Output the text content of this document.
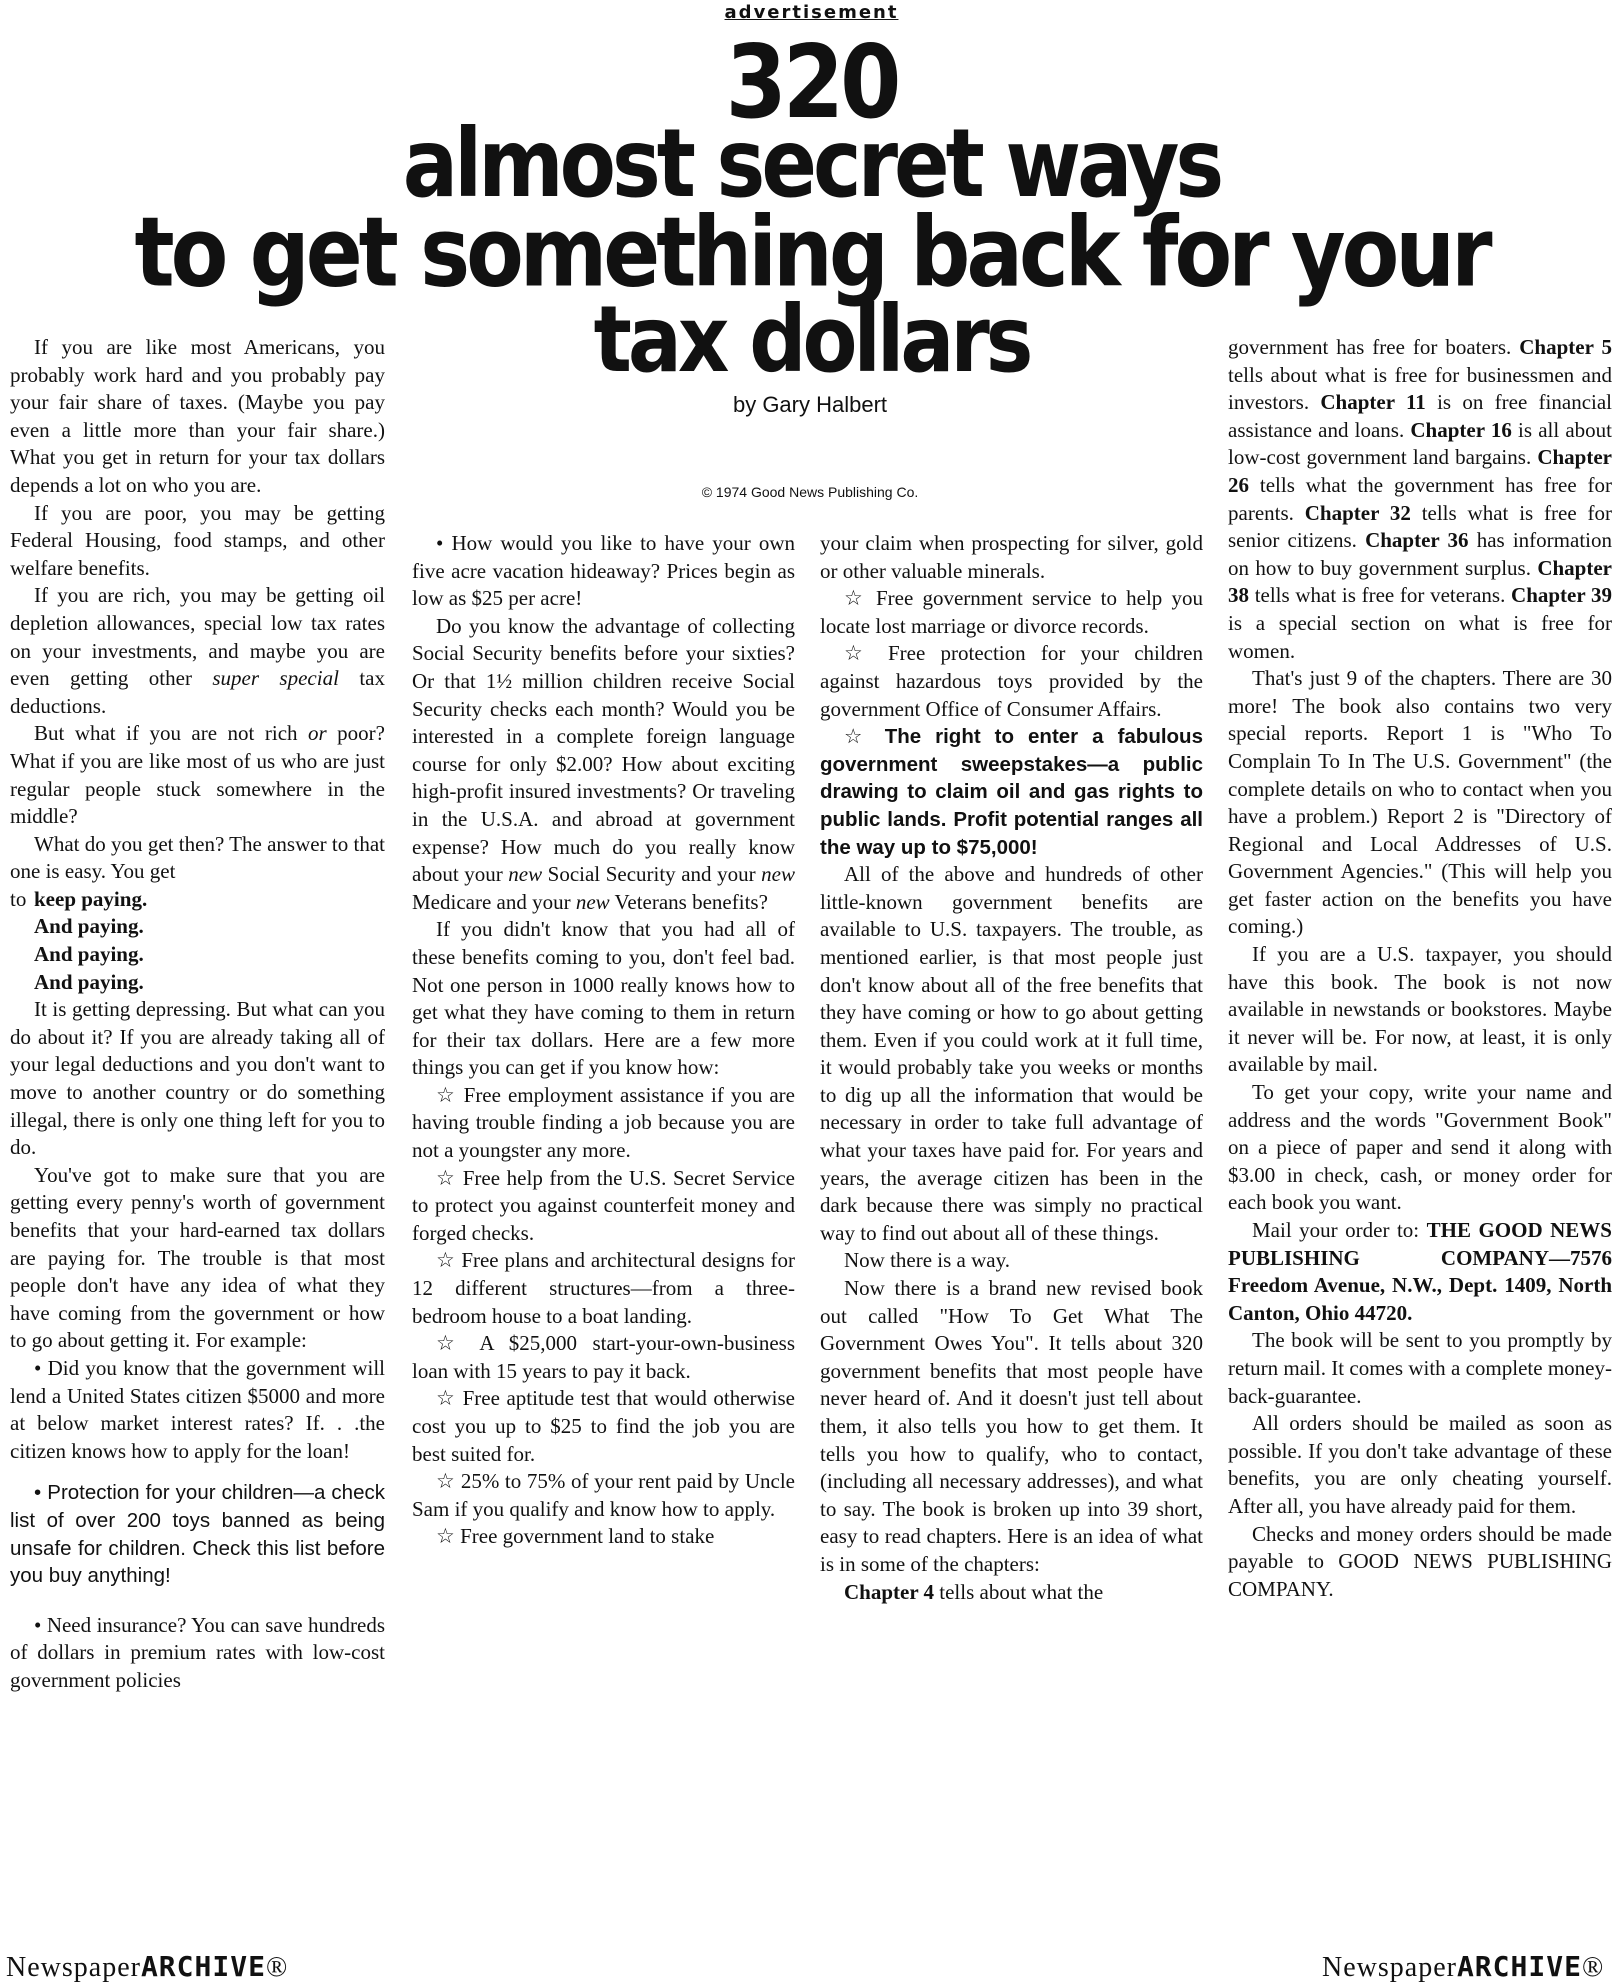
advertisement
320
almost secret ways
to get something back for your
tax dollars
by Gary Halbert
© 1974 Good News Publishing Co.

If you are like most Americans, you probably work hard and you probably pay your fair share of taxes. (Maybe you pay even a little more than your fair share.) What you get in return for your tax dollars depends a lot on who you are.

If you are poor, you may be getting Federal Housing, food stamps, and other welfare benefits.

If you are rich, you may be getting oil depletion allowances, special low tax rates on your investments, and maybe you are even getting other super special tax deductions.

But what if you are not rich or poor? What if you are like most of us who are just regular people stuck somewhere in the middle?

What do you get then? The answer to that one is easy. You get

to keep paying.

And paying.

And paying.

And paying.

It is getting depressing. But what can you do about it? If you are already taking all of your legal deductions and you don't want to move to another country or do something illegal, there is only one thing left for you to do.

You've got to make sure that you are getting every penny's worth of government benefits that your hard-earned tax dollars are paying for. The trouble is that most people don't have any idea of what they have coming from the government or how to go about getting it. For example:

• Did you know that the government will lend a United States citizen $5000 and more at below market interest rates? If. . .the citizen knows how to apply for the loan!

• Protection for your children—a check list of over 200 toys banned as being unsafe for children. Check this list before you buy anything!

• Need insurance? You can save hundreds of dollars in premium rates with low-cost government policies

• How would you like to have your own five acre vacation hideaway? Prices begin as low as $25 per acre!

Do you know the advantage of collecting Social Security benefits before your sixties? Or that 1½ million children receive Social Security checks each month? Would you be interested in a complete foreign language course for only $2.00? How about exciting high-profit insured investments? Or traveling in the U.S.A. and abroad at government expense? How much do you really know about your new Social Security and your new Medicare and your new Veterans benefits?

If you didn't know that you had all of these benefits coming to you, don't feel bad. Not one person in 1000 really knows how to get what they have coming to them in return for their tax dollars. Here are a few more things you can get if you know how:

☆ Free employment assistance if you are having trouble finding a job because you are not a youngster any more.

☆ Free help from the U.S. Secret Service to protect you against counterfeit money and forged checks.

☆ Free plans and architectural designs for 12 different structures—from a three-bedroom house to a boat landing.

☆ A $25,000 start-your-own-business loan with 15 years to pay it back.

☆ Free aptitude test that would otherwise cost you up to $25 to find the job you are best suited for.

☆ 25% to 75% of your rent paid by Uncle Sam if you qualify and know how to apply.

☆ Free government land to stake

your claim when prospecting for silver, gold or other valuable minerals.

☆ Free government service to help you locate lost marriage or divorce records.

☆ Free protection for your children against hazardous toys provided by the government Office of Consumer Affairs.

☆ The right to enter a fabulous government sweepstakes—a public drawing to claim oil and gas rights to public lands. Profit potential ranges all the way up to $75,000!

All of the above and hundreds of other little-known government benefits are available to U.S. taxpayers. The trouble, as mentioned earlier, is that most people just don't know about all of the free benefits that they have coming or how to go about getting them. Even if you could work at it full time, it would probably take you weeks or months to dig up all the information that would be necessary in order to take full advantage of what your taxes have paid for. For years and years, the average citizen has been in the dark because there was simply no practical way to find out about all of these things.

Now there is a way.

Now there is a brand new revised book out called "How To Get What The Government Owes You". It tells about 320 government benefits that most people have never heard of. And it doesn't just tell about them, it also tells you how to get them. It tells you how to qualify, who to contact, (including all necessary addresses), and what to say. The book is broken up into 39 short, easy to read chapters. Here is an idea of what is in some of the chapters:

Chapter 4 tells about what the

government has free for boaters. Chapter 5 tells about what is free for businessmen and investors. Chapter 11 is on free financial assistance and loans. Chapter 16 is all about low-cost government land bargains. Chapter 26 tells what the government has free for parents. Chapter 32 tells what is free for senior citizens. Chapter 36 has information on how to buy government surplus. Chapter 38 tells what is free for veterans. Chapter 39 is a special section on what is free for women.

That's just 9 of the chapters. There are 30 more! The book also contains two very special reports. Report 1 is "Who To Complain To In The U.S. Government" (the complete details on who to contact when you have a problem.) Report 2 is "Directory of Regional and Local Addresses of U.S. Government Agencies." (This will help you get faster action on the benefits you have coming.)

If you are a U.S. taxpayer, you should have this book. The book is not now available in newstands or bookstores. Maybe it never will be. For now, at least, it is only available by mail.

To get your copy, write your name and address and the words "Government Book" on a piece of paper and send it along with $3.00 in check, cash, or money order for each book you want.

Mail your order to: THE GOOD NEWS PUBLISHING COMPANY—7576 Freedom Avenue, N.W., Dept. 1409, North Canton, Ohio 44720.

The book will be sent to you promptly by return mail. It comes with a complete money-back-guarantee.

All orders should be mailed as soon as possible. If you don't take advantage of these benefits, you are only cheating yourself. After all, you have already paid for them.

Checks and money orders should be made payable to GOOD NEWS PUBLISHING COMPANY.

NewspaperARCHIVE®	NewspaperARCHIVE®
